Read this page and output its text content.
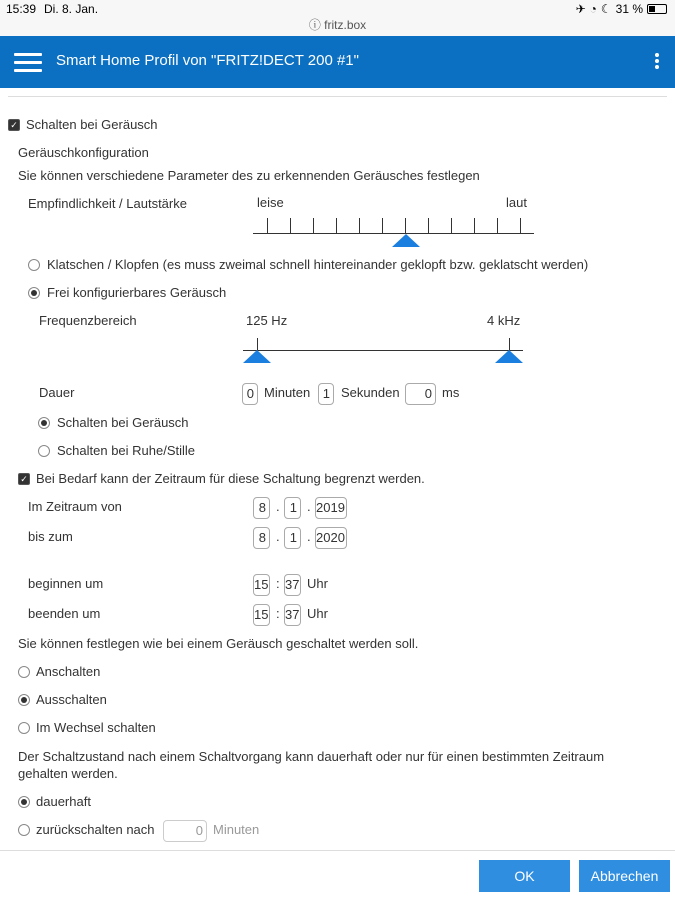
15:39 Di. 8. Jan.
ⓘ fritz.box
✈ ◔ ☾ 31 %
Smart Home Profil von "FRITZ!DECT 200 #1"
✓ Schalten bei Geräusch
Geräuschkonfiguration
Sie können verschiedene Parameter des zu erkennenden Geräusches festlegen
Empfindlichkeit / Lautstärke	leise	laut
Klatschen / Klopfen (es muss zweimal schnell hintereinander geklopft bzw. geklatscht werden)
Frei konfigurierbares Geräusch
Frequenzbereich	125 Hz	4 kHz
Dauer	0 Minuten 1 Sekunden	0 ms
Schalten bei Geräusch
Schalten bei Ruhe/Stille
✓ Bei Bedarf kann der Zeitraum für diese Schaltung begrenzt werden.
Im Zeitraum von	8 . 1 . 2019
bis zum	8 . 1 . 2020
beginnen um	15 : 37 Uhr
beenden um	15 : 37 Uhr
Sie können festlegen wie bei einem Geräusch geschaltet werden soll.
Anschalten
Ausschalten
Im Wechsel schalten
Der Schaltzustand nach einem Schaltvorgang kann dauerhaft oder nur für einen bestimmten Zeitraum
gehalten werden.
dauerhaft
zurückschalten nach	0 Minuten
OK	Abbrechen
